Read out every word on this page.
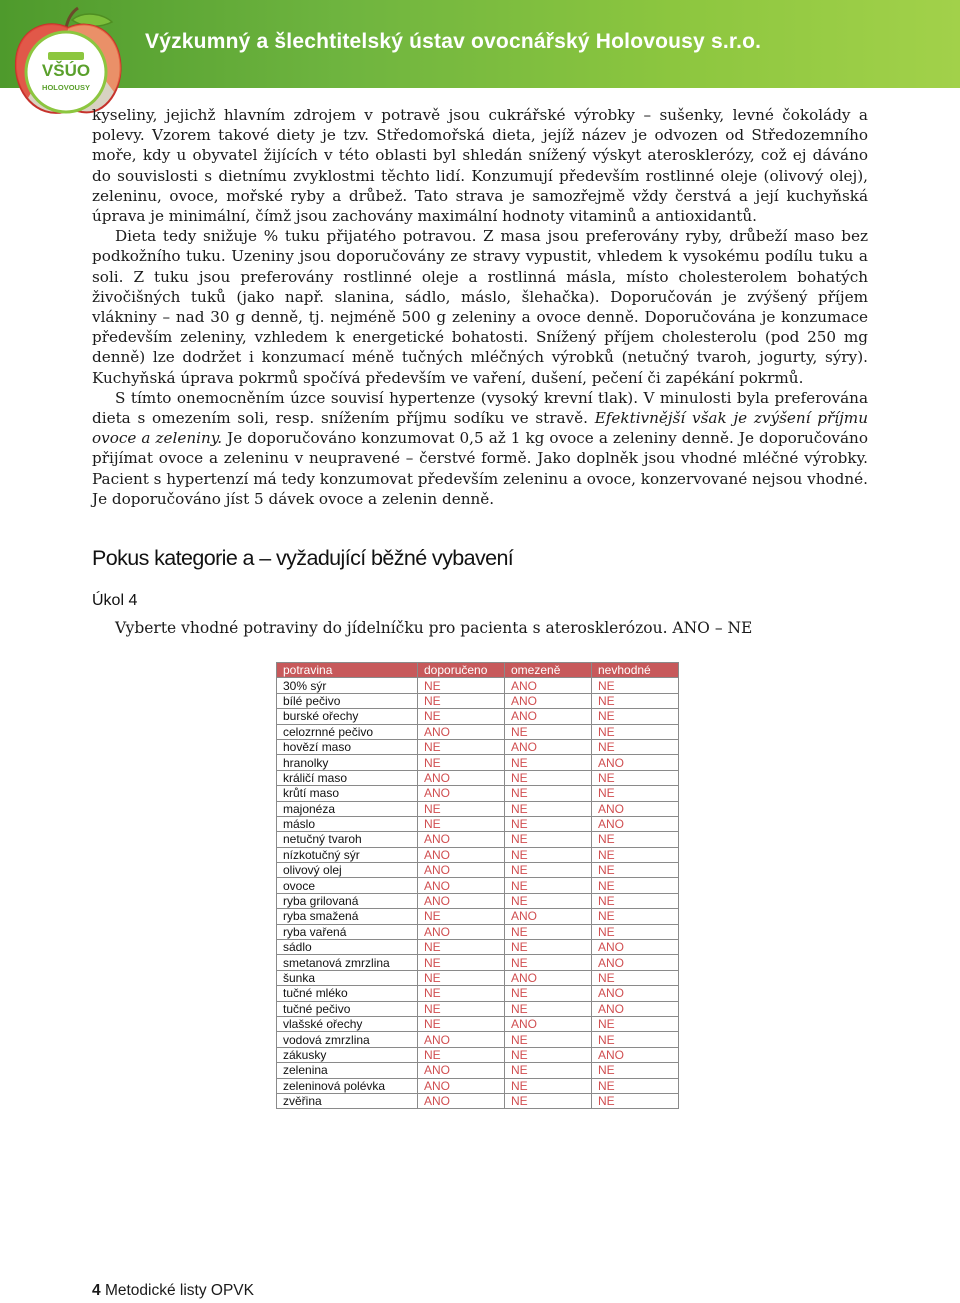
Výzkumný a šlechtitelský ústav ovocnářský Holovousy s.r.o.
VŠÚO
HOLOVOUSY

kyseliny, jejichž hlavním zdrojem v potravě jsou cukrářské výrobky – sušenky, levné čokolády a polevy. Vzorem takové diety je tzv. Středomořská dieta, jejíž název je odvozen od Středozemního moře, kdy u obyvatel žijících v této oblasti byl shledán snížený výskyt aterosklerózy, což ej dáváno do souvislosti s dietnímu zvyklostmi těchto lidí. Konzumují především rostlinné oleje (olivový olej), zeleninu, ovoce, mořské ryby a drůbež. Tato strava je samozřejmě vždy čerstvá a její kuchyňská úprava je minimální, čímž jsou zachovány maximální hodnoty vitaminů a antioxidantů.

Dieta tedy snižuje % tuku přijatého potravou. Z masa jsou preferovány ryby, drůbeží maso bez podkožního tuku. Uzeniny jsou doporučovány ze stravy vypustit, vhledem k vysokému podílu tuku a soli. Z tuku jsou preferovány rostlinné oleje a rostlinná másla, místo cholesterolem bohatých živočišných tuků (jako např. slanina, sádlo, máslo, šlehačka). Doporučován je zvýšený příjem vlákniny – nad 30 g denně, tj. nejméně 500 g zeleniny a ovoce denně. Doporučována je konzumace především zeleniny, vzhledem k energetické bohatosti. Snížený příjem cholesterolu (pod 250 mg denně) lze dodržet i konzumací méně tučných mléčných výrobků (netučný tvaroh, jogurty, sýry). Kuchyňská úprava pokrmů spočívá především ve vaření, dušení, pečení či zapékání pokrmů.

S tímto onemocněním úzce souvisí hypertenze (vysoký krevní tlak). V minulosti byla preferována dieta s omezením soli, resp. snížením příjmu sodíku ve stravě. Efektivnější však je zvýšení příjmu ovoce a zeleniny. Je doporučováno konzumovat 0,5 až 1 kg ovoce a zeleniny denně. Je doporučováno přijímat ovoce a zeleninu v neupravené – čerstvé formě. Jako doplněk jsou vhodné mléčné výrobky. Pacient s hypertenzí má tedy konzumovat především zeleninu a ovoce, konzervované nejsou vhodné. Je doporučováno jíst 5 dávek ovoce a zelenin denně.

Pokus kategorie a – vyžadující běžné vybavení
Úkol 4
Vyberte vhodné potraviny do jídelníčku pro pacienta s aterosklerózou. ANO – NE
potravina	doporučeno	omezeně	nevhodné
30% sýr	NE	ANO	NE
bílé pečivo	NE	ANO	NE
burské ořechy	NE	ANO	NE
celozrnné pečivo	ANO	NE	NE
hovězí maso	NE	ANO	NE
hranolky	NE	NE	ANO
králičí maso	ANO	NE	NE
krůtí maso	ANO	NE	NE
majonéza	NE	NE	ANO
máslo	NE	NE	ANO
netučný tvaroh	ANO	NE	NE
nízkotučný sýr	ANO	NE	NE
olivový olej	ANO	NE	NE
ovoce	ANO	NE	NE
ryba grilovaná	ANO	NE	NE
ryba smažená	NE	ANO	NE
ryba vařená	ANO	NE	NE
sádlo	NE	NE	ANO
smetanová zmrzlina	NE	NE	ANO
šunka	NE	ANO	NE
tučné mléko	NE	NE	ANO
tučné pečivo	NE	NE	ANO
vlašské ořechy	NE	ANO	NE
vodová zmrzlina	ANO	NE	NE
zákusky	NE	NE	ANO
zelenina	ANO	NE	NE
zeleninová polévka	ANO	NE	NE
zvěřina	ANO	NE	NE
4 Metodické listy OPVK
